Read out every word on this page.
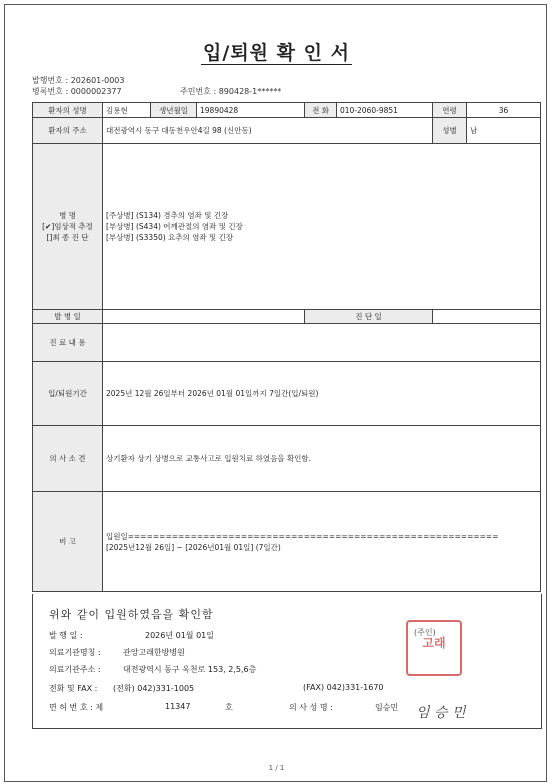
입/퇴원 확 인 서
발행번호 : 202601-0003
병록번호 : 0000002377	주민번호 : 890428-1******
환자의 성명	김용현	생년월일	19890428	전 화	010-2060-9851	연령	36
환자의 주소	대전광역시 동구 대동천우안4길 98 (신안동)					성별	남

병 명
[✔]임상적 추정
[]최 종 진 단	[주상병] (S134) 경추의 염좌 및 긴장
[부상병] (S434) 어깨관절의 염좌 및 긴장
[부상병] (S3350) 요추의 염좌 및 긴장						

발 병 일				진 단 일			
진 료 내 용							
입/퇴원기간	2025년 12월 26일부터 2026년 01월 01일까지 7일간(입/퇴원)						
의 사 소 견	상기환자 상기 상병으로 교통사고로 입원치료 하였음을 확인함.						
비 고	입원일===========================================================
[2025년12월 26일] ~ [2026년01월 01일] (7일간)						
위와 같이 입원하였음을 확인함
발 행 일 :	2026년 01월 01일
의료기관명칭 :	관앙고래한방병원
의료기관주소 :	대전광역시 동구 옥천로 153, 2,5,6층
전화 및 FAX : (전화) 042)331-1005	(FAX) 042)331-1670
면 허 번 호 : 제	11347	호	의 사 성 명 :	임승민
(주인)
고래
임 승 민
1 / 1
